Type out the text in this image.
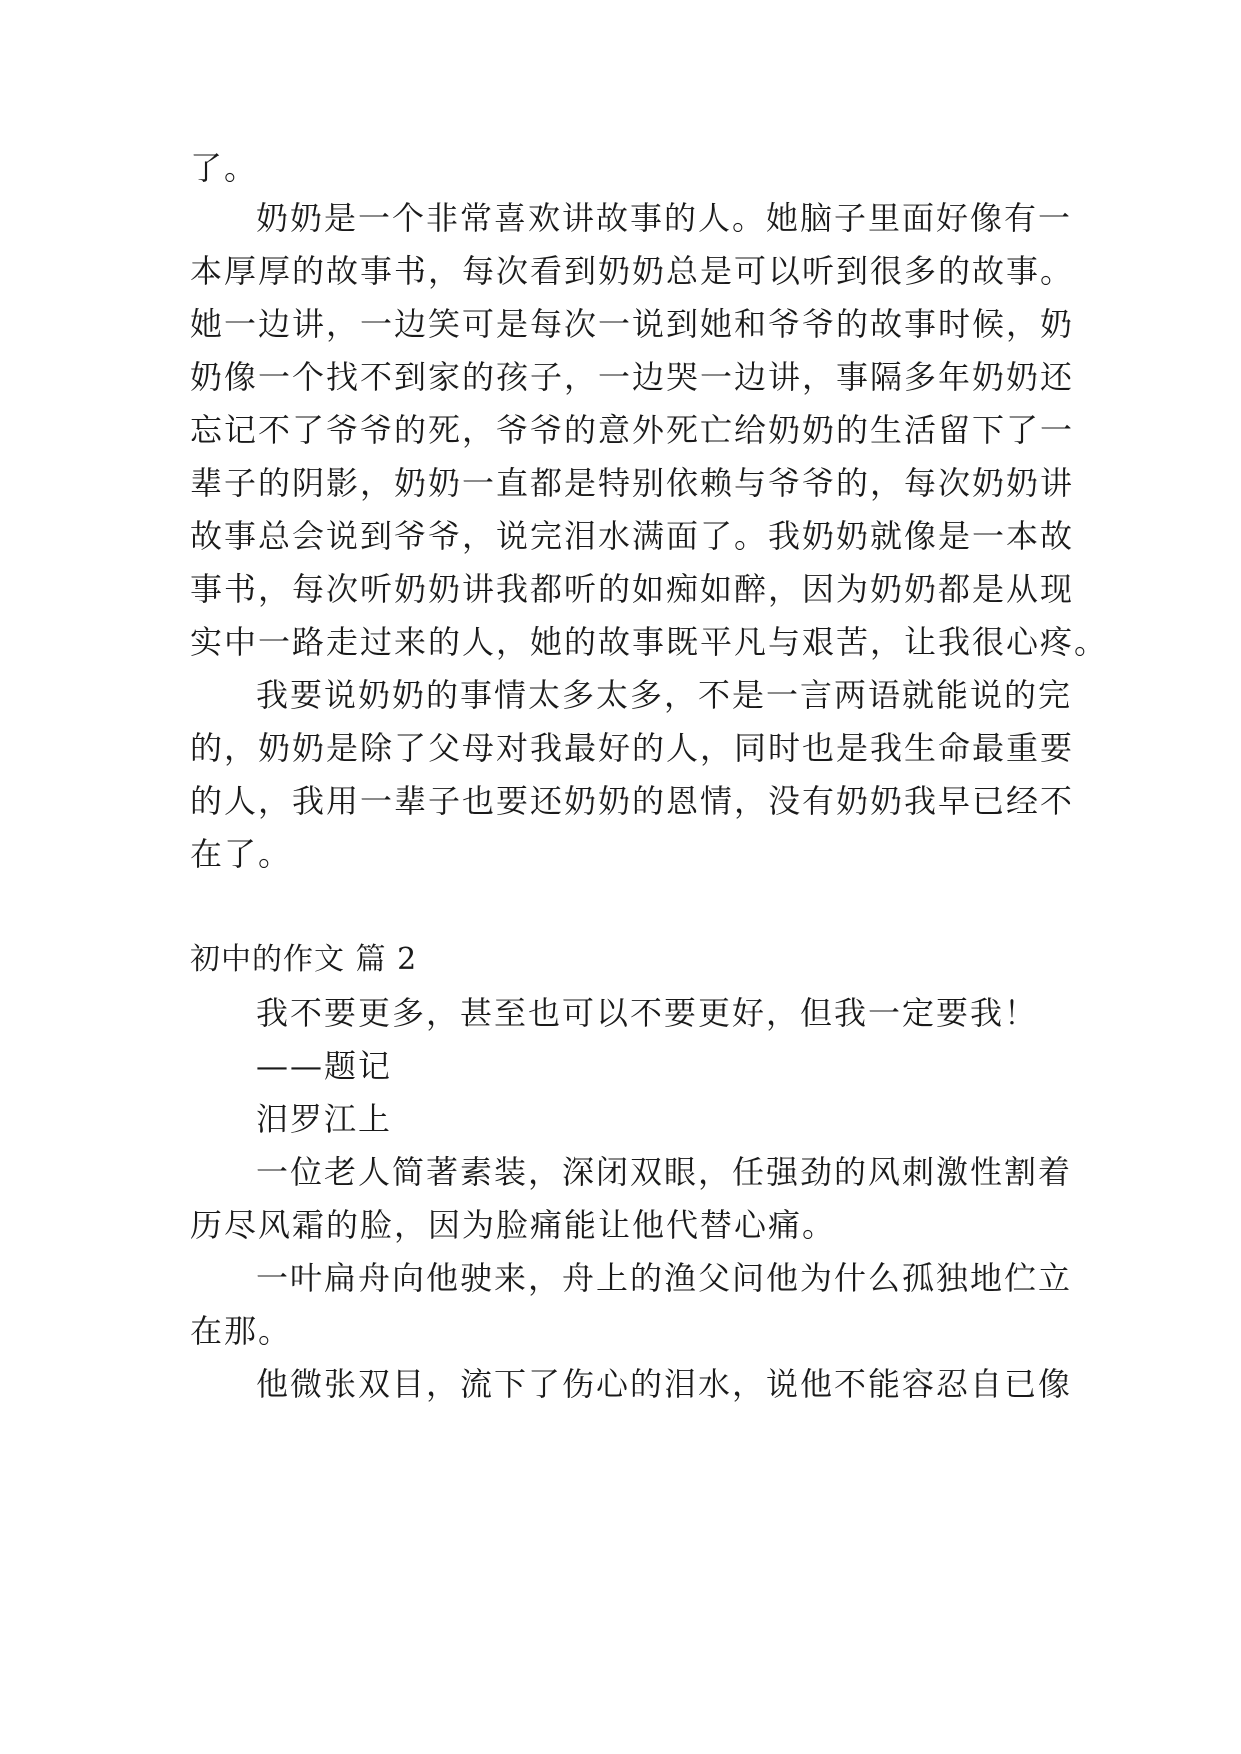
了。
奶奶是一个非常喜欢讲故事的人。她脑子里面好像有一
本厚厚的故事书，每次看到奶奶总是可以听到很多的故事。
她一边讲，一边笑可是每次一说到她和爷爷的故事时候，奶
奶像一个找不到家的孩子，一边哭一边讲，事隔多年奶奶还
忘记不了爷爷的死，爷爷的意外死亡给奶奶的生活留下了一
辈子的阴影，奶奶一直都是特别依赖与爷爷的，每次奶奶讲
故事总会说到爷爷，说完泪水满面了。我奶奶就像是一本故
事书，每次听奶奶讲我都听的如痴如醉，因为奶奶都是从现
实中一路走过来的人，她的故事既平凡与艰苦，让我很心疼。
我要说奶奶的事情太多太多，不是一言两语就能说的完
的，奶奶是除了父母对我最好的人，同时也是我生命最重要
的人，我用一辈子也要还奶奶的恩情，没有奶奶我早已经不
在了。
初中的作文 篇 2
我不要更多，甚至也可以不要更好，但我一定要我！
——题记
汨罗江上
一位老人简著素装，深闭双眼，任强劲的风刺激性割着
历尽风霜的脸，因为脸痛能让他代替心痛。
一叶扁舟向他驶来，舟上的渔父问他为什么孤独地伫立
在那。
他微张双目，流下了伤心的泪水，说他不能容忍自已像
